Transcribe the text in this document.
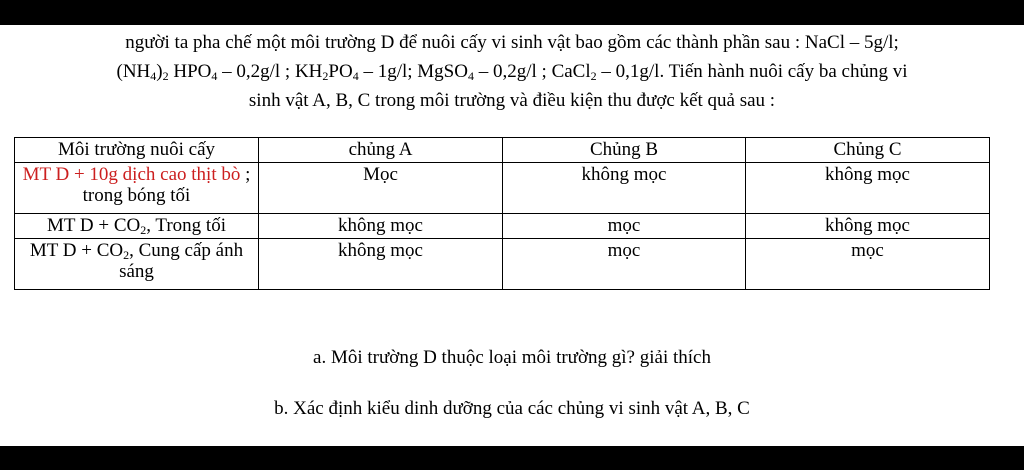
người ta pha chế một môi trường D để nuôi cấy vi sinh vật bao gồm các thành phần sau : NaCl – 5g/l;
$(NH_4)_2$ $HPO_4 - 0,2g/l$ ; $KH_2PO_4 - 1g/l$; MgSO$_4$ – 0,2g/l ; CaCl$_2$ – 0,1g/l. Tiến hành nuôi cấy ba chủng vi
sinh vật A, B, C trong môi trường và điều kiện thu được kết quả sau :
Môi trường nuôi cấy	chủng A	Chủng B	Chủng C
MT D + 10g dịch cao thịt bò ; trong bóng tối	Mọc	không mọc	không mọc
MT $D + CO_2$, Trong tối	không mọc	mọc	không mọc
MT $D + CO_2$, Cung cấp ánh sáng	không mọc	mọc	mọc
a. Môi trường D thuộc loại môi trường gì? giải thích
b. Xác định kiểu dinh dưỡng của các chủng vi sinh vật A, B, C
